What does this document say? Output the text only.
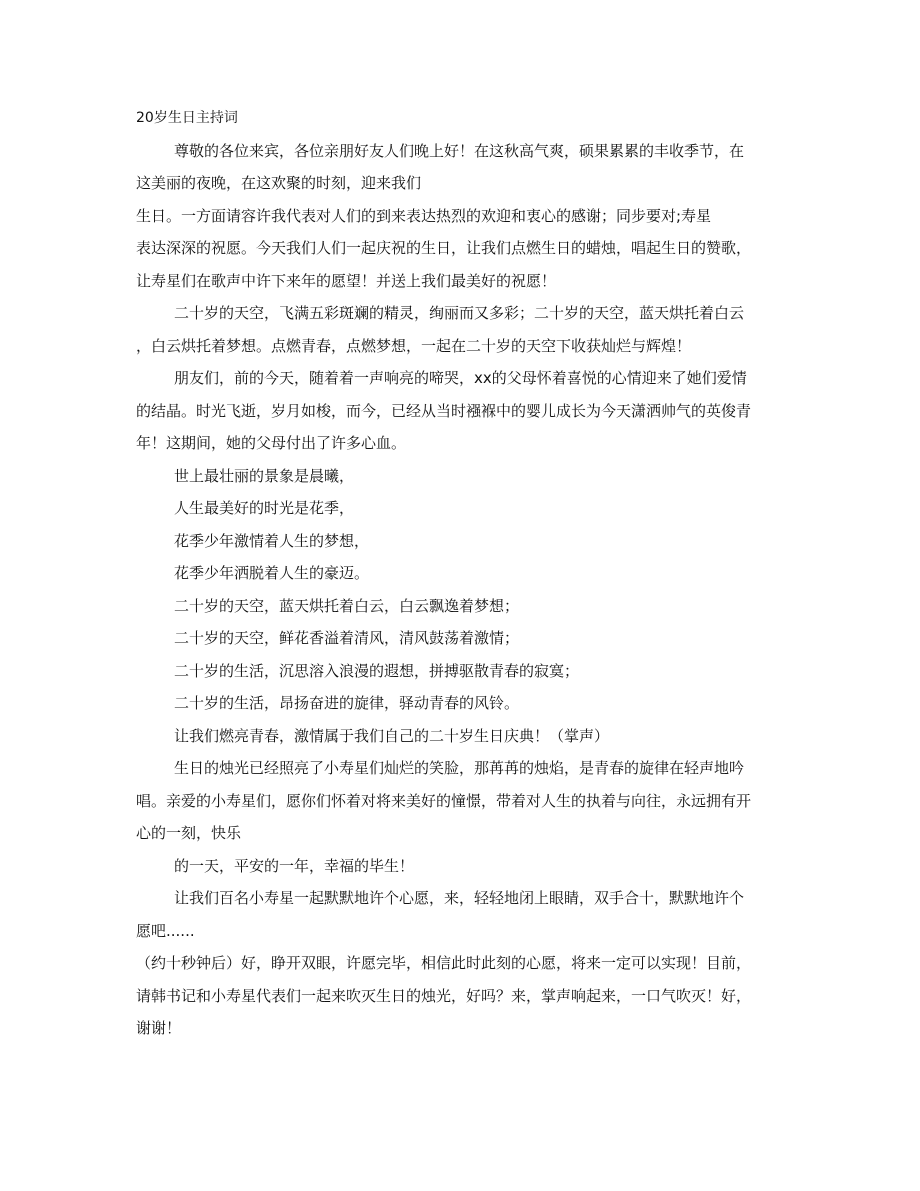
20岁生日主持词
尊敬的各位来宾，各位亲朋好友人们晚上好！在这秋高气爽，硕果累累的丰收季节，在
这美丽的夜晚，在这欢聚的时刻，迎来我们
生日。一方面请容许我代表对人们的到来表达热烈的欢迎和衷心的感谢；同步要对;寿星
表达深深的祝愿。今天我们人们一起庆祝的生日，让我们点燃生日的蜡烛，唱起生日的赞歌，
让寿星们在歌声中许下来年的愿望！并送上我们最美好的祝愿！
二十岁的天空，飞满五彩斑斓的精灵，绚丽而又多彩；二十岁的天空，蓝天烘托着白云
，白云烘托着梦想。点燃青春，点燃梦想，一起在二十岁的天空下收获灿烂与辉煌！
朋友们，前的今天，随着着一声响亮的啼哭，xx的父母怀着喜悦的心情迎来了她们爱情
的结晶。时光飞逝，岁月如梭，而今，已经从当时襁褓中的婴儿成长为今天潇洒帅气的英俊青
年！这期间，她的父母付出了许多心血。
世上最壮丽的景象是晨曦，
人生最美好的时光是花季，
花季少年激情着人生的梦想，
花季少年洒脱着人生的豪迈。
二十岁的天空，蓝天烘托着白云，白云飘逸着梦想；
二十岁的天空，鲜花香溢着清风，清风鼓荡着激情；
二十岁的生活，沉思溶入浪漫的遐想，拼搏驱散青春的寂寞；
二十岁的生活，昂扬奋进的旋律，驿动青春的风铃。
让我们燃亮青春，激情属于我们自己的二十岁生日庆典！（掌声）
生日的烛光已经照亮了小寿星们灿烂的笑脸，那苒苒的烛焰，是青春的旋律在轻声地吟
唱。亲爱的小寿星们，愿你们怀着对将来美好的憧憬，带着对人生的执着与向往，永远拥有开
心的一刻，快乐
的一天，平安的一年，幸福的毕生！
让我们百名小寿星一起默默地许个心愿，来，轻轻地闭上眼睛，双手合十，默默地许个
愿吧......
（约十秒钟后）好，睁开双眼，许愿完毕，相信此时此刻的心愿，将来一定可以实现！目前，
请韩书记和小寿星代表们一起来吹灭生日的烛光，好吗？来，掌声响起来，一口气吹灭！好，
谢谢！
